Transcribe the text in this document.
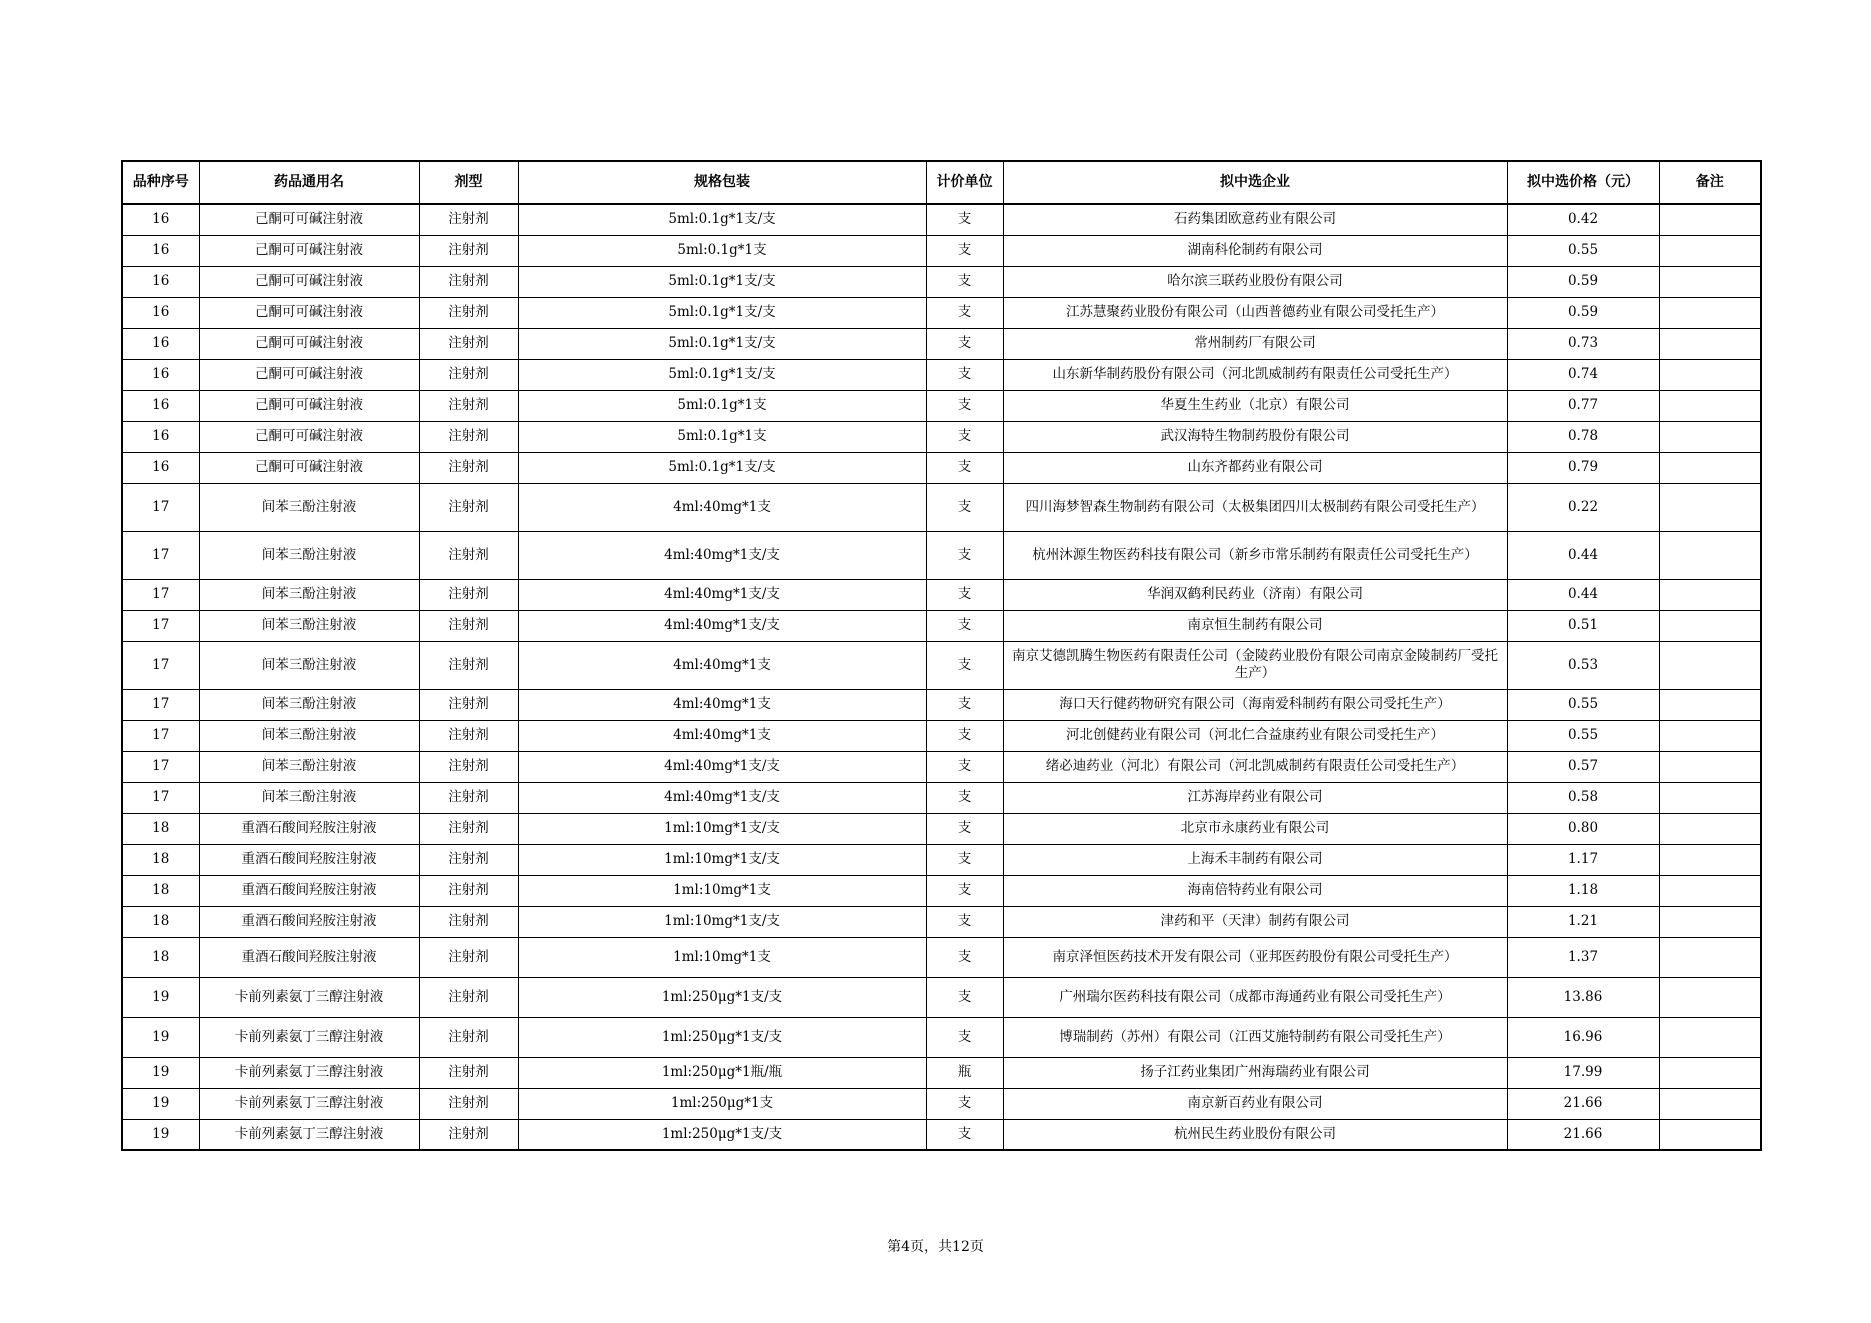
品种序号	药品通用名	剂型	规格包装	计价单位	拟中选企业	拟中选价格（元）	备注
16	己酮可可碱注射液	注射剂	5ml:0.1g*1支/支	支	石药集团欧意药业有限公司	0.42	
16	己酮可可碱注射液	注射剂	5ml:0.1g*1支	支	湖南科伦制药有限公司	0.55	
16	己酮可可碱注射液	注射剂	5ml:0.1g*1支/支	支	哈尔滨三联药业股份有限公司	0.59	
16	己酮可可碱注射液	注射剂	5ml:0.1g*1支/支	支	江苏慧聚药业股份有限公司（山西普德药业有限公司受托生产）	0.59	
16	己酮可可碱注射液	注射剂	5ml:0.1g*1支/支	支	常州制药厂有限公司	0.73	
16	己酮可可碱注射液	注射剂	5ml:0.1g*1支/支	支	山东新华制药股份有限公司（河北凯威制药有限责任公司受托生产）	0.74	
16	己酮可可碱注射液	注射剂	5ml:0.1g*1支	支	华夏生生药业（北京）有限公司	0.77	
16	己酮可可碱注射液	注射剂	5ml:0.1g*1支	支	武汉海特生物制药股份有限公司	0.78	
16	己酮可可碱注射液	注射剂	5ml:0.1g*1支/支	支	山东齐都药业有限公司	0.79	
17	间苯三酚注射液	注射剂	4ml:40mg*1支	支	四川海梦智森生物制药有限公司（太极集团四川太极制药有限公司受托生产）	0.22	
17	间苯三酚注射液	注射剂	4ml:40mg*1支/支	支	杭州沐源生物医药科技有限公司（新乡市常乐制药有限责任公司受托生产）	0.44	
17	间苯三酚注射液	注射剂	4ml:40mg*1支/支	支	华润双鹤利民药业（济南）有限公司	0.44	
17	间苯三酚注射液	注射剂	4ml:40mg*1支/支	支	南京恒生制药有限公司	0.51	
17	间苯三酚注射液	注射剂	4ml:40mg*1支	支	南京艾德凯腾生物医药有限责任公司（金陵药业股份有限公司南京金陵制药厂受托生产）	0.53	
17	间苯三酚注射液	注射剂	4ml:40mg*1支	支	海口天行健药物研究有限公司（海南爱科制药有限公司受托生产）	0.55	
17	间苯三酚注射液	注射剂	4ml:40mg*1支	支	河北创健药业有限公司（河北仁合益康药业有限公司受托生产）	0.55	
17	间苯三酚注射液	注射剂	4ml:40mg*1支/支	支	绪必迪药业（河北）有限公司（河北凯威制药有限责任公司受托生产）	0.57	
17	间苯三酚注射液	注射剂	4ml:40mg*1支/支	支	江苏海岸药业有限公司	0.58	
18	重酒石酸间羟胺注射液	注射剂	1ml:10mg*1支/支	支	北京市永康药业有限公司	0.80	
18	重酒石酸间羟胺注射液	注射剂	1ml:10mg*1支/支	支	上海禾丰制药有限公司	1.17	
18	重酒石酸间羟胺注射液	注射剂	1ml:10mg*1支	支	海南倍特药业有限公司	1.18	
18	重酒石酸间羟胺注射液	注射剂	1ml:10mg*1支/支	支	津药和平（天津）制药有限公司	1.21	
18	重酒石酸间羟胺注射液	注射剂	1ml:10mg*1支	支	南京泽恒医药技术开发有限公司（亚邦医药股份有限公司受托生产）	1.37	
19	卡前列素氨丁三醇注射液	注射剂	1ml:250μg*1支/支	支	广州瑞尔医药科技有限公司（成都市海通药业有限公司受托生产）	13.86	
19	卡前列素氨丁三醇注射液	注射剂	1ml:250μg*1支/支	支	博瑞制药（苏州）有限公司（江西艾施特制药有限公司受托生产）	16.96	
19	卡前列素氨丁三醇注射液	注射剂	1ml:250μg*1瓶/瓶	瓶	扬子江药业集团广州海瑞药业有限公司	17.99	
19	卡前列素氨丁三醇注射液	注射剂	1ml:250μg*1支	支	南京新百药业有限公司	21.66	
19	卡前列素氨丁三醇注射液	注射剂	1ml:250μg*1支/支	支	杭州民生药业股份有限公司	21.66	
第4页，共12页
